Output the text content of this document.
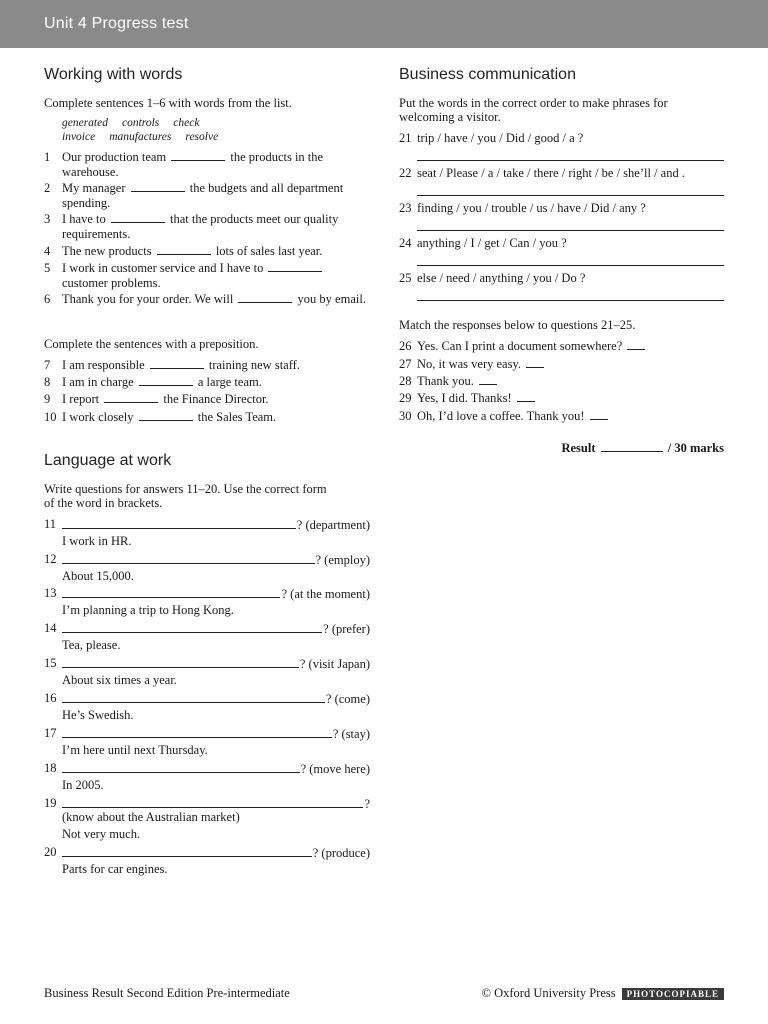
Unit 4 Progress test
Working with words
Complete sentences 1–6 with words from the list.
generated controls check
invoice manufactures resolve
1 Our production team	the products in the warehouse.
2 My manager	the budgets and all department spending.
3 I have to	that the products meet our quality requirements.
4 The new products	lots of sales last year.
5 I work in customer service and I have to  customer problems.
6 Thank you for your order. We will	you by email.
Complete the sentences with a preposition.
7 I am responsible	training new staff.
8 I am in charge	a large team.
9 I report	the Finance Director.
10 I work closely	the Sales Team.
Language at work
Write questions for answers 11–20. Use the correct form
of the word in brackets.
11	? (department)
I work in HR.
12	? (employ)
About 15,000.
13	? (at the moment)
I’m planning a trip to Hong Kong.
14	? (prefer)
Tea, please.
15	? (visit Japan)
About six times a year.
16	? (come)
He’s Swedish.
17	? (stay)
I’m here until next Thursday.
18	? (move here)
In 2005.
19	?
(know about the Australian market)
Not very much.
20	? (produce)
Parts for car engines.
Business communication
Put the words in the correct order to make phrases for
welcoming a visitor.
21 trip / have / you / Did / good / a ?
22 seat / Please / a / take / there / right / be / she’ll / and .
23 finding / you / trouble / us / have / Did / any ?
24 anything / I / get / Can / you ?
25 else / need / anything / you / Do ?
Match the responses below to questions 21–25.
26 Yes. Can I print a document somewhere?
27 No, it was very easy.
28 Thank you.
29 Yes, I did. Thanks!
30 Oh, I’d love a coffee. Thank you!
Result	/ 30 marks
Business Result Second Edition Pre-intermediate	© Oxford University Press	PHOTOCOPIABLE
